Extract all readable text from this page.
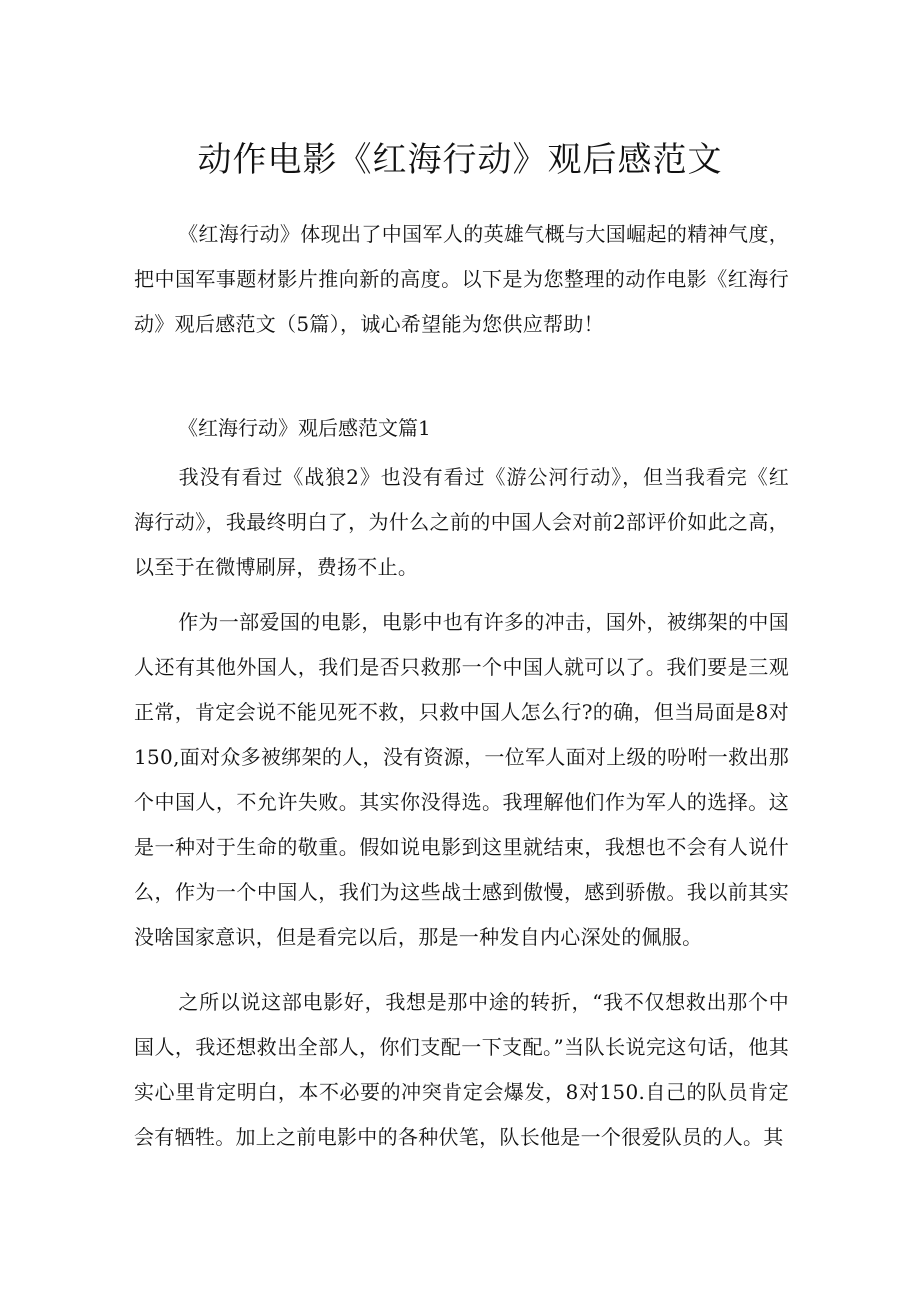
动作电影《红海行动》观后感范文

《红海行动》体现出了中国军人的英雄气概与大国崛起的精神气度，把中国军事题材影片推向新的高度。以下是为您整理的动作电影《红海行动》观后感范文（5篇），诚心希望能为您供应帮助！

《红海行动》观后感范文篇1

我没有看过《战狼2》也没有看过《游公河行动》，但当我看完《红海行动》，我最终明白了，为什么之前的中国人会对前2部评价如此之高，以至于在微博刷屏，费扬不止。

作为一部爱国的电影，电影中也有许多的冲击，国外，被绑架的中国人还有其他外国人，我们是否只救那一个中国人就可以了。我们要是三观正常，肯定会说不能见死不救，只救中国人怎么行?的确，但当局面是8对150,面对众多被绑架的人，没有资源，一位军人面对上级的吩咐一救出那个中国人，不允许失败。其实你没得选。我理解他们作为军人的选择。这是一种对于生命的敬重。假如说电影到这里就结束，我想也不会有人说什么，作为一个中国人，我们为这些战士感到傲慢，感到骄傲。我以前其实没啥国家意识，但是看完以后，那是一种发自内心深处的佩服。

之所以说这部电影好，我想是那中途的转折，“我不仅想救出那个中国人，我还想救出全部人，你们支配一下支配。”当队长说完这句话，他其实心里肯定明白，本不必要的冲突肯定会爆发，8对150.自己的队员肯定会有牺牲。加上之前电影中的各种伏笔，队长他是一个很爱队员的人。其
